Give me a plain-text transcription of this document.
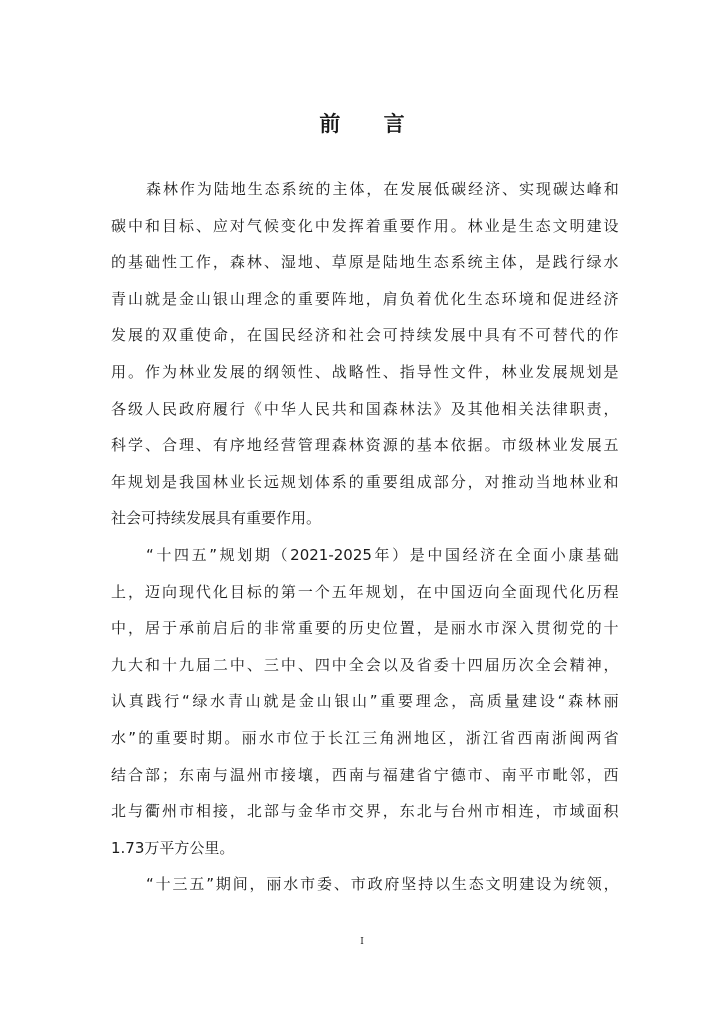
前 言
森 林 作 为 陆 地 生 态 系 统 的 主 体 ， 在 发 展 低 碳 经 济 、 实 现 碳 达 峰 和
碳 中 和 目 标 、 应 对 气 候 变 化 中 发 挥 着 重 要 作 用 。 林 业 是 生 态 文 明 建 设
的 基 础 性 工 作 ， 森 林 、 湿 地 、 草 原 是 陆 地 生 态 系 统 主 体 ， 是 践 行 绿 水
青 山 就 是 金 山 银 山 理 念 的 重 要 阵 地 ， 肩 负 着 优 化 生 态 环 境 和 促 进 经 济
发 展 的 双 重 使 命 ， 在 国 民 经 济 和 社 会 可 持 续 发 展 中 具 有 不 可 替 代 的 作
用 。 作 为 林 业 发 展 的 纲 领 性 、 战 略 性 、 指 导 性 文 件 ， 林 业 发 展 规 划 是
各 级 人 民 政 府 履 行 《 中 华 人 民 共 和 国 森 林 法 》 及 其 他 相 关 法 律 职 责 ，
科 学 、 合 理 、 有 序 地 经 营 管 理 森 林 资 源 的 基 本 依 据 。 市 级 林 业 发 展 五
年 规 划 是 我 国 林 业 长 远 规 划 体 系 的 重 要 组 成 部 分 ， 对 推 动 当 地 林 业 和
社会可持续发展具有重要作用。
“ 十 四 五 ” 规 划 期 （ 2021-2025 年 ） 是 中 国 经 济 在 全 面 小 康 基 础
上 ， 迈 向 现 代 化 目 标 的 第 一 个 五 年 规 划 ， 在 中 国 迈 向 全 面 现 代 化 历 程
中 ， 居 于 承 前 启 后 的 非 常 重 要 的 历 史 位 置 ， 是 丽 水 市 深 入 贯 彻 党 的 十
九 大 和 十 九 届 二 中 、 三 中 、 四 中 全 会 以 及 省 委 十 四 届 历 次 全 会 精 神 ，
认 真 践 行 “ 绿 水 青 山 就 是 金 山 银 山 ” 重 要 理 念 ， 高 质 量 建 设 “ 森 林 丽
水 ” 的 重 要 时 期 。 丽 水 市 位 于 长 江 三 角 洲 地 区 ， 浙 江 省 西 南 浙 闽 两 省
结 合 部 ； 东 南 与 温 州 市 接 壤 ， 西 南 与 福 建 省 宁 德 市 、 南 平 市 毗 邻 ， 西
北 与 衢 州 市 相 接 ， 北 部 与 金 华 市 交 界 ， 东 北 与 台 州 市 相 连 ， 市 域 面 积
1.73万平方公里。
“ 十 三 五 ” 期 间 ， 丽 水 市 委 、 市 政 府 坚 持 以 生 态 文 明 建 设 为 统 领 ，
I
